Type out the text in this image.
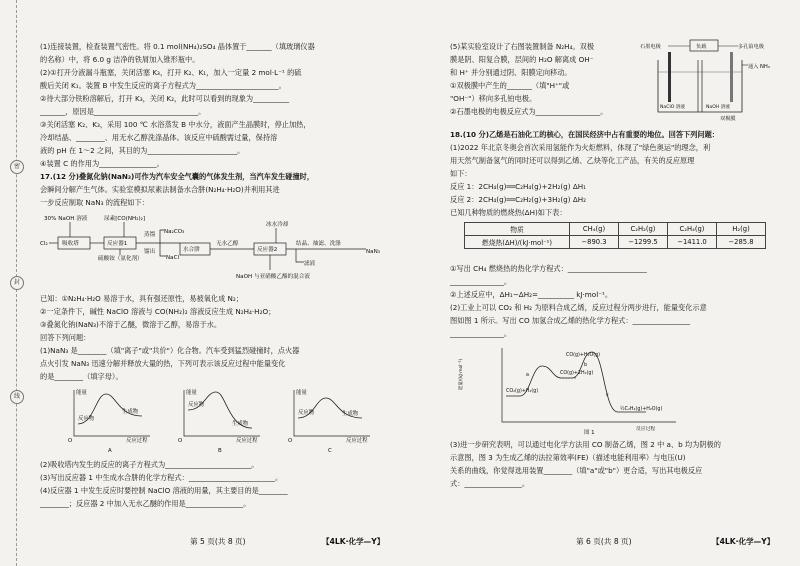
密
封
线
(1)连接装置，检查装置气密性。将 0.1 mol(NH₄)₂SO₄ 晶体置于_______（填玻璃仪器
的名称）中，将 6.0 g 洁净的铁屑加入锥形瓶中。
(2)①打开分液漏斗瓶塞，关闭活塞 K₃，打开 K₂、K₁，加入一定量 2 mol·L⁻¹ 的硫
酸后关闭 K₁。装置 B 中发生反应的离子方程式为_______________________。
②待大部分铁粉溶解后，打开 K₃，关闭 K₂，此时可以看到的现象为__________
_______，原因是_____________________________。
③关闭活塞 K₂、K₃，采用 100 ℃ 水浴蒸发 B 中水分，液面产生晶膜时，停止加热，
冷却结晶、________、用无水乙醇洗涤晶体。该反应中硫酸需过量，保持溶
液的 pH 在 1～2 之间，其目的为_________________________。
④装置 C 的作用为________________。
17.(12 分)叠氮化钠(NaN₃)可作为汽车安全气囊的气体发生剂，当汽车发生碰撞时，
会瞬间分解产生气体。实验室模拟尿素法制备水合肼(N₂H₄·H₂O)并利用其进
一步反应制取 NaN₃ 的流程如下：
30% NaOH 溶液	尿素[CO(NH₂)₂]
Cl₂	吸收塔	反应器1
蒸馏
馏出
Na₂CO₃
硫酸铵（氨化剂）	NaCl
水合肼
无水乙醇
反应器2
冰水冷却
结晶、抽滤、洗涤
滤液
NaN₃
NaOH 与亚硝酸乙酯的混合液
已知：①N₂H₄·H₂O 易溶于水，具有强还原性，易被氧化成 N₂；
②一定条件下，碱性 NaClO 溶液与 CO(NH₂)₂ 溶液反应生成 N₂H₄·H₂O；
③叠氮化钠(NaN₃)不溶于乙醚，微溶于乙醇，易溶于水。
回答下列问题：
(1)NaN₃ 是________（填"离子"或"共价"）化合物。汽车受到猛烈碰撞时，点火器
点火引发 NaN₃ 迅速分解并释放大量的热，下列可表示该反应过程中能量变化
的是________（填字母）。
能量
O	反应过程
反应物
生成物
A
能量
O	反应过程
反应物
生成物
B
能量
O	反应过程
反应物	生成物
C
(2)吸收塔内发生的反应的离子方程式为________________________。
(3)写出反应器 1 中生成水合肼的化学方程式：________________________。
(4)反应器 1 中发生反应时要控制 NaClO 溶液的用量，其主要目的是________
________；反应器 2 中加入无水乙醚的作用是________________。
第 5 页(共 8 页)	【4LK·化学—Y】
(5)某实验室设计了右图装置制备 N₂H₄。双极
膜是阴、阳复合膜，层间的 H₂O 解离成 OH⁻
和 H⁺ 并分别通过阴、阳膜定向移动。
①双极膜中产生的_______（填"H⁺"或
"OH⁻"）移向多孔铂电极。
②石墨电极的电极反应式为__________________。
石墨电极	负载	多孔铂电极
通入 NH₃
NaClO 溶液	NaOH 溶液
双极膜
18.(10 分)乙烯是石油化工的核心，在国民经济中占有重要的地位。回答下列问题：
(1)2022 年北京冬奥会首次采用氢能作为火炬燃料，体现了"绿色奥运"的理念，利
用天然气制备氢气的同时还可以得到乙烯、乙炔等化工产品，有关的反应原理
如下：
反应 1：2CH₄(g)══C₂H₄(g)+2H₂(g) ΔH₁
反应 2：2CH₄(g)══C₂H₂(g)+3H₂(g) ΔH₂
已知几种物质的燃烧热(ΔH)如下表：
物质	CH₄(g)	C₂H₂(g)	C₂H₄(g)	H₂(g)
燃烧热(ΔH)/(kJ·mol⁻¹)	−890.3	−1299.5	−1411.0	−285.8
①写出 CH₄ 燃烧热的热化学方程式：______________________
_______________。
②上述反应中，ΔH₁−ΔH₂=__________ kJ·mol⁻¹。
(2)工业上可以 CO₂ 和 H₂ 为原料合成乙烯，反应过程分两步进行，能量变化示意
图如图 1 所示。写出 CO 加氢合成乙烯的热化学方程式：________________
_______________。
能量/(kJ·mol⁻¹)
反应过程
CO(g)+H₂O(g)
CO(g)+2H₂(g)
CO₂(g)+H₂(g)
½C₂H₄(g)+H₂O(g)
a
b
c
图 1
(3)进一步研究表明，可以通过电化学方法用 CO 制备乙烯，图 2 中 a、b 均为阴极的
示意图，图 3 为生成乙烯的法拉第效率(FE)（描述电能利用率）与电压(U)
关系的曲线，你觉得选用装置________（填"a"或"b"）更合适，写出其电极反应
式：________________。
第 6 页(共 8 页)	【4LK·化学—Y】
